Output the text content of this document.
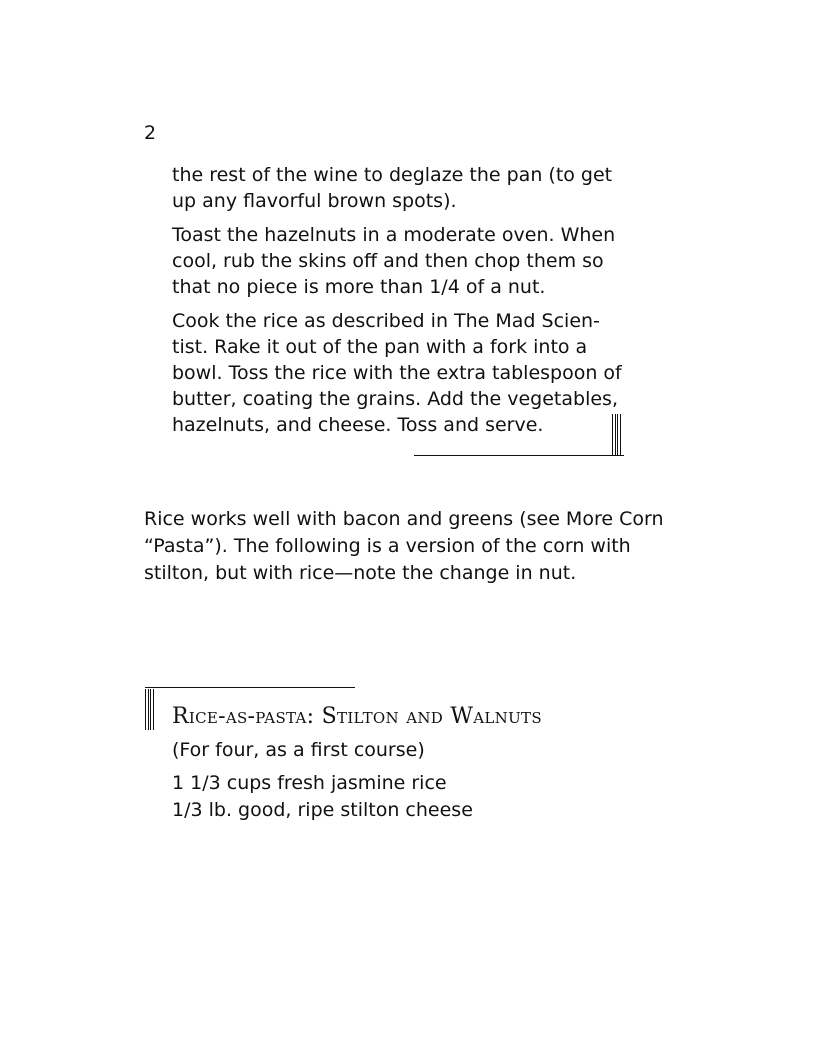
2

the rest of the wine to deglaze the pan (to get
up any flavorful brown spots).

Toast the hazelnuts in a moderate oven. When
cool, rub the skins off and then chop them so
that no piece is more than 1/4 of a nut.

Cook the rice as described in The Mad Scien-
tist. Rake it out of the pan with a fork into a
bowl. Toss the rice with the extra tablespoon of
butter, coating the grains. Add the vegetables,
hazelnuts, and cheese. Toss and serve.

Rice works well with bacon and greens (see More Corn
“Pasta”). The following is a version of the corn with
stilton, but with rice—note the change in nut.
Rice-as-pasta: Stilton and Walnuts

(For four, as a first course)

1 1/3 cups fresh jasmine rice
1/3 lb. good, ripe stilton cheese
